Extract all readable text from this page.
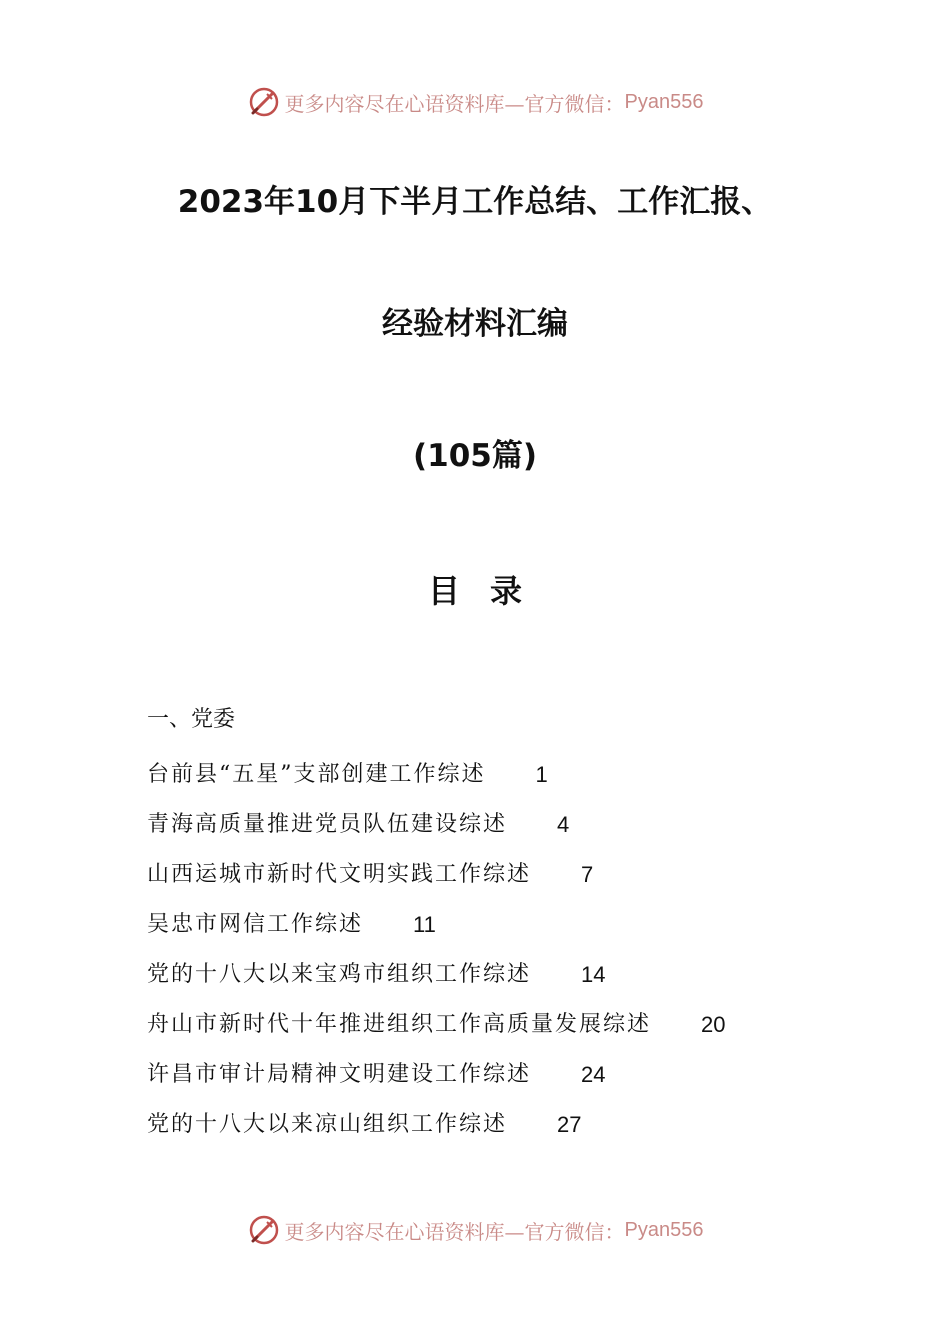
更多内容尽在心语资料库—官方微信： Pyan556
2023年10月下半月工作总结、工作汇报、
经验材料汇编
(105篇)
目录
一、党委
台前县“五星”支部创建工作综述 1
青海高质量推进党员队伍建设综述 4
山西运城市新时代文明实践工作综述 7
吴忠市网信工作综述 11
党的十八大以来宝鸡市组织工作综述 14
舟山市新时代十年推进组织工作高质量发展综述 20
许昌市审计局精神文明建设工作综述 24
党的十八大以来凉山组织工作综述 27
更多内容尽在心语资料库—官方微信： Pyan556
